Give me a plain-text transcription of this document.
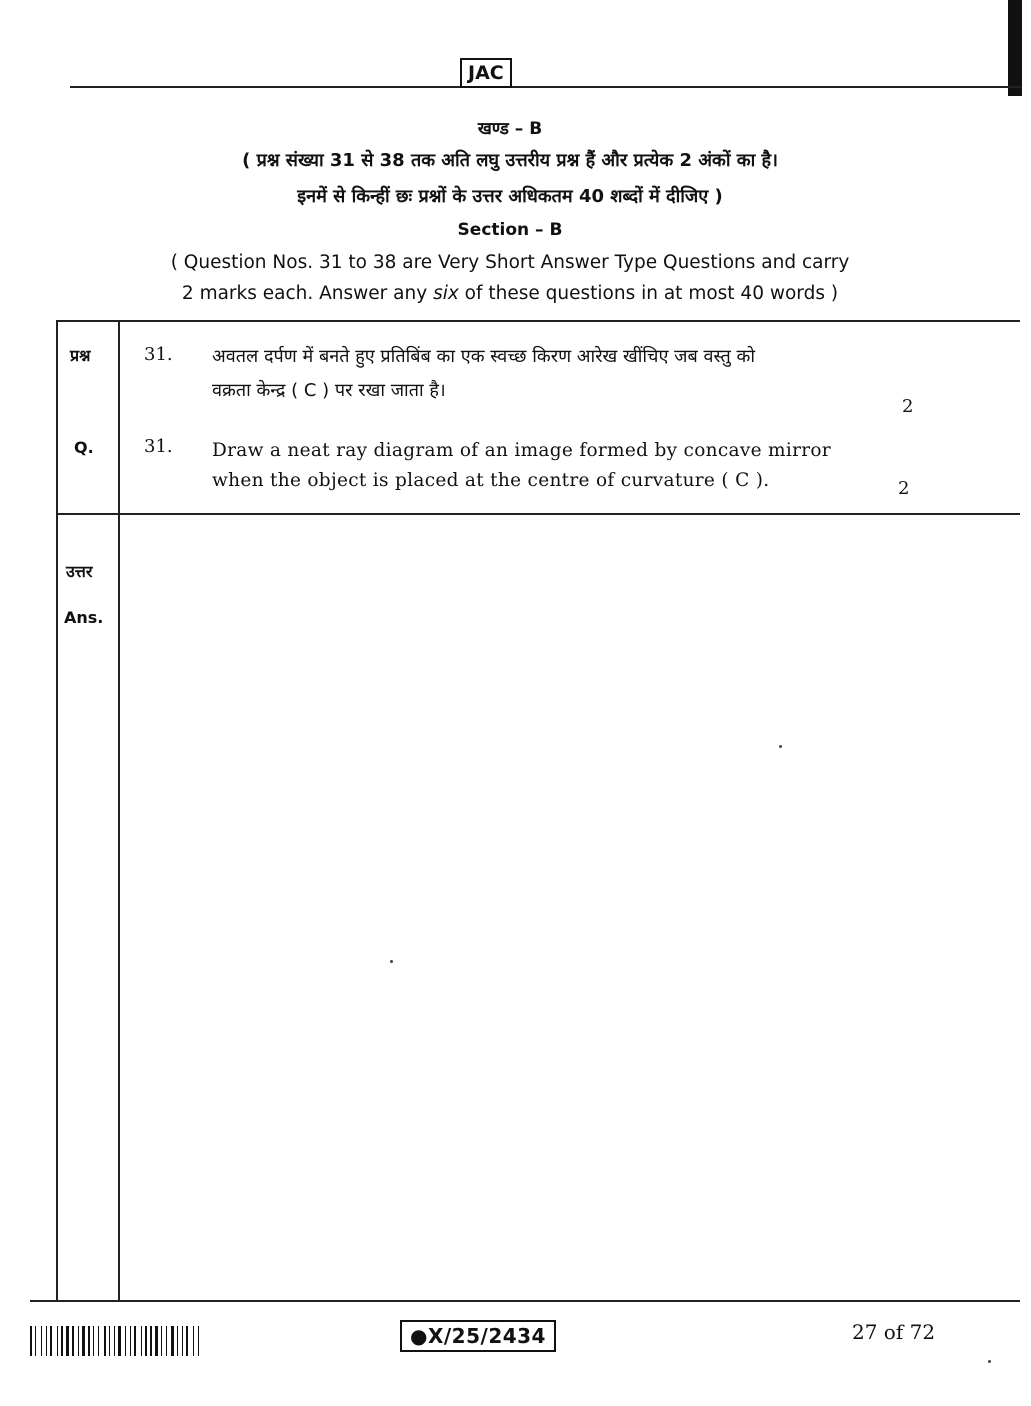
JAC
खण्ड – B
( प्रश्न संख्या 31 से 38 तक अति लघु उत्तरीय प्रश्न हैं और प्रत्येक 2 अंकों का है।
इनमें से किन्हीं छः प्रश्नों के उत्तर अधिकतम 40 शब्दों में दीजिए )
Section – B
( Question Nos. 31 to 38 are Very Short Answer Type Questions and carry
2 marks each. Answer any six of these questions in at most 40 words )
प्रश्न	31. अवतल दर्पण में बनते हुए प्रतिबिंब का एक स्वच्छ किरण आरेख खींचिए जब वस्तु को
वक्रता केन्द्र ( C ) पर रखा जाता है।
2
Q.	31. Draw a neat ray diagram of an image formed by concave mirror
when the object is placed at the centre of curvature ( C ).	2
उत्तर
Ans.
●X/25/2434	27 of 72
